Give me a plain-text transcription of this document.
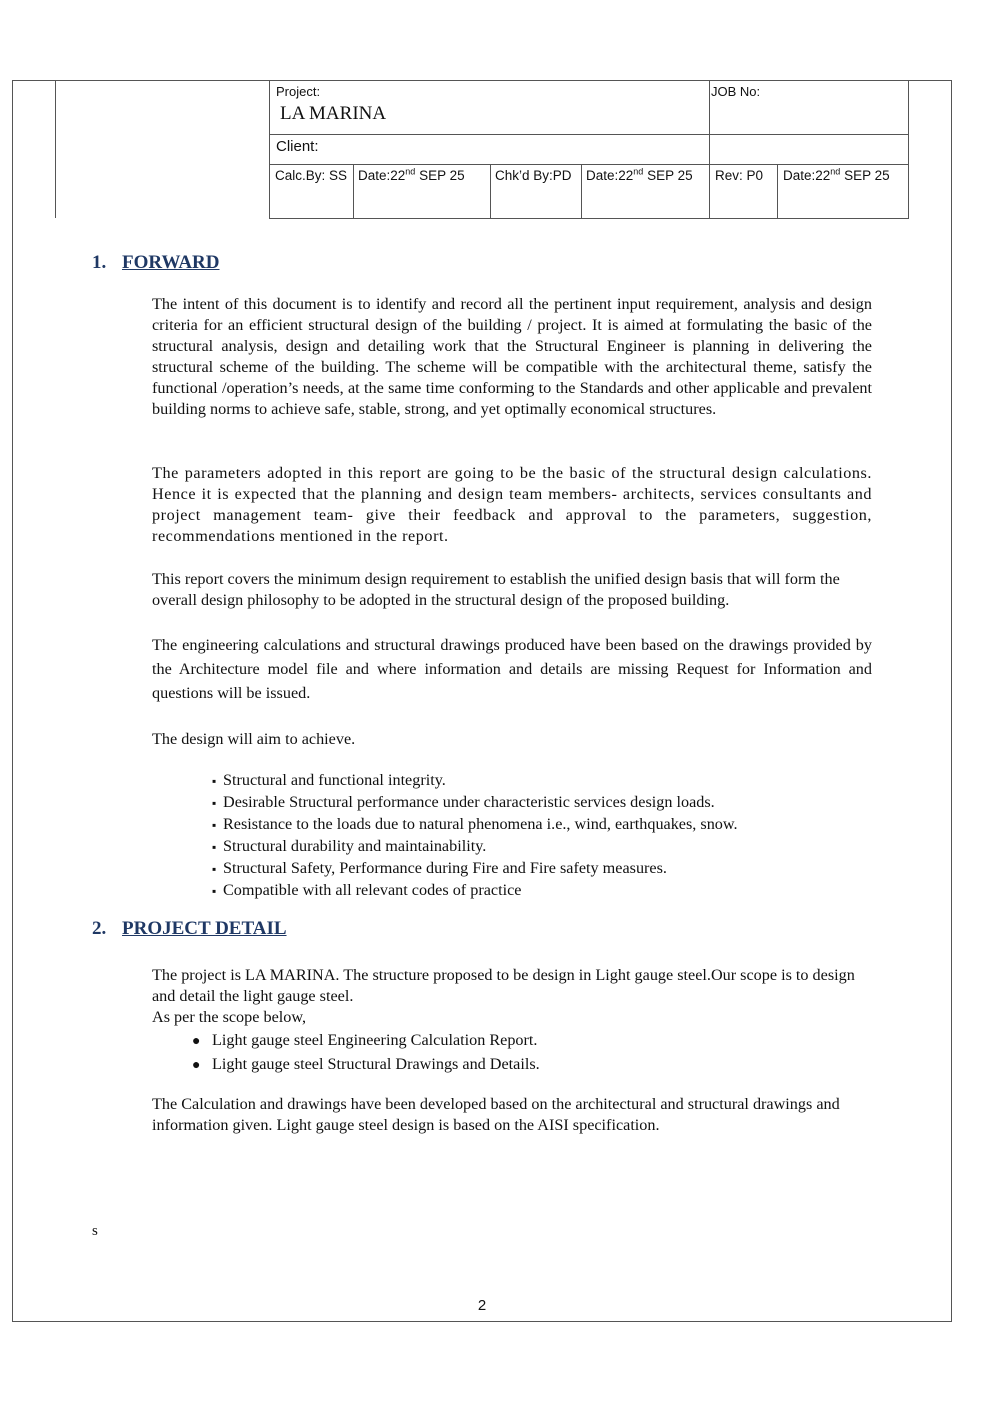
Project:
LA MARINA
JOB No:
Client:
Calc.By: SS Date:22nd SEP 25 Chk’d By:PD Date:22nd SEP 25 Rev: P0 Date:22nd SEP 25
1. FORWARD

The intent of this document is to identify and record all the pertinent input requirement, analysis and design criteria for an efficient structural design of the building / project. It is aimed at formulating the basic of the structural analysis, design and detailing work that the Structural Engineer is planning in delivering the structural scheme of the building. The scheme will be compatible with the architectural theme, satisfy the functional /operation’s needs, at the same time conforming to the Standards and other applicable and prevalent building norms to achieve safe, stable, strong, and yet optimally economical structures.

The parameters adopted in this report are going to be the basic of the structural design calculations. Hence it is expected that the planning and design team members- architects, services consultants and project management team- give their feedback and approval to the parameters, suggestion, recommendations mentioned in the report.

This report covers the minimum design requirement to establish the unified design basis that will form the overall design philosophy to be adopted in the structural design of the proposed building.

The engineering calculations and structural drawings produced have been based on the drawings provided by the Architecture model file and where information and details are missing Request for Information and questions will be issued.

The design will aim to achieve.

▪ Structural and functional integrity.
▪ Desirable Structural performance under characteristic services design loads.
▪ Resistance to the loads due to natural phenomena i.e., wind, earthquakes, snow.
▪ Structural durability and maintainability.
▪ Structural Safety, Performance during Fire and Fire safety measures.
▪ Compatible with all relevant codes of practice
2. PROJECT DETAIL

The project is LA MARINA. The structure proposed to be design in Light gauge steel.Our scope is to design and detail the light gauge steel.

As per the scope below,

● Light gauge steel Engineering Calculation Report.
● Light gauge steel Structural Drawings and Details.

The Calculation and drawings have been developed based on the architectural and structural drawings and information given. Light gauge steel design is based on the AISI specification.

s
2
